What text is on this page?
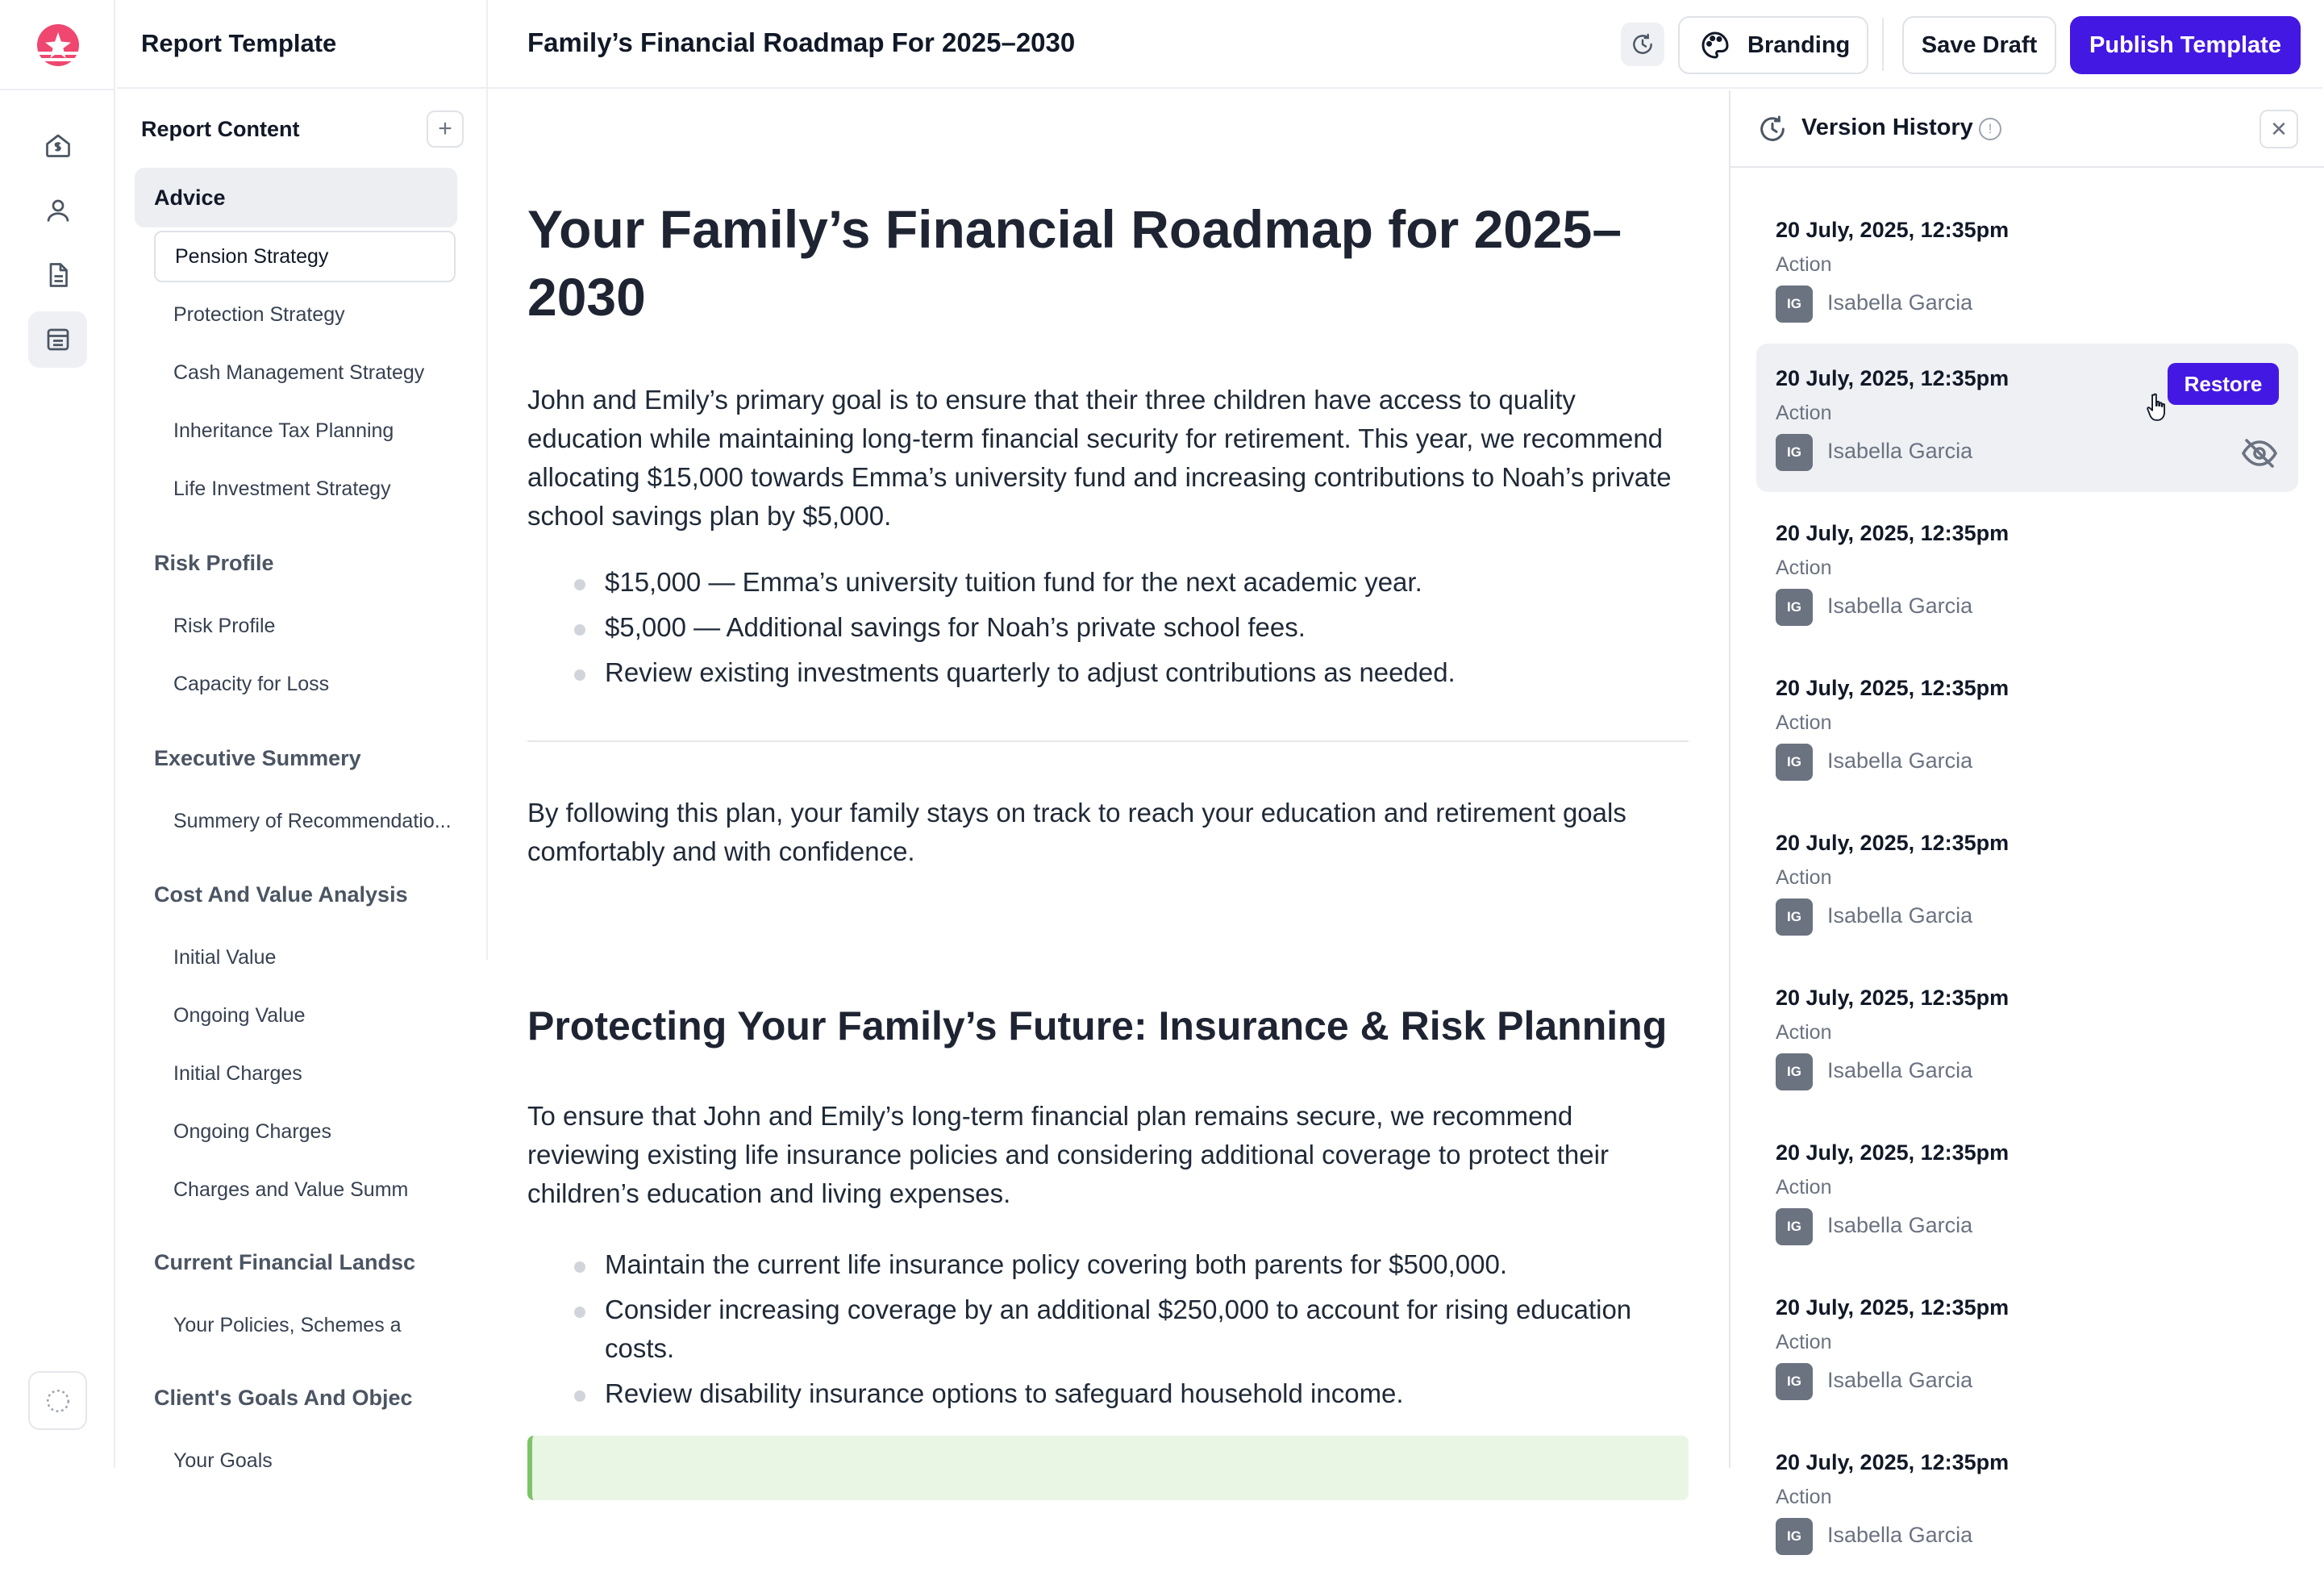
Report Template
Report Content	+
Advice
Pension Strategy
Protection Strategy
Cash Management Strategy
Inheritance Tax Planning
Life Investment Strategy
Risk Profile
Risk Profile
Capacity for Loss
Executive Summery
Summery of Recommendatio...
Cost And Value Analysis
Initial Value
Ongoing Value
Initial Charges
Ongoing Charges
Charges and Value Summ
Current Financial Landsc
Your Policies, Schemes a
Client's Goals And Objec
Your Goals
Family’s Financial Roadmap For 2025–2030	Branding	Save Draft	Publish Template
Your Family’s Financial Roadmap for 2025–2030
John and Emily’s primary goal is to ensure that their three children have access to quality education while maintaining long-term financial security for retirement. This year, we recommend allocating $15,000 towards Emma’s university fund and increasing contributions to Noah’s private school savings plan by $5,000.
$15,000 — Emma’s university tuition fund for the next academic year.
$5,000 — Additional savings for Noah’s private school fees.
Review existing investments quarterly to adjust contributions as needed.
By following this plan, your family stays on track to reach your education and retirement goals comfortably and with confidence.
Protecting Your Family’s Future: Insurance & Risk Planning
To ensure that John and Emily’s long-term financial plan remains secure, we recommend reviewing existing life insurance policies and considering additional coverage to protect their children’s education and living expenses.
Maintain the current life insurance policy covering both parents for $500,000.
Consider increasing coverage by an additional $250,000 to account for rising education costs.
Review disability insurance options to safeguard household income.
Version History	!	✕
20 July, 2025, 12:35pm
Action
IG	Isabella Garcia
20 July, 2025, 12:35pm
Action
IG	Isabella Garcia
Restore
20 July, 2025, 12:35pm
Action
IG	Isabella Garcia
20 July, 2025, 12:35pm
Action
IG	Isabella Garcia
20 July, 2025, 12:35pm
Action
IG	Isabella Garcia
20 July, 2025, 12:35pm
Action
IG	Isabella Garcia
20 July, 2025, 12:35pm
Action
IG	Isabella Garcia
20 July, 2025, 12:35pm
Action
IG	Isabella Garcia
20 July, 2025, 12:35pm
Action
IG	Isabella Garcia
